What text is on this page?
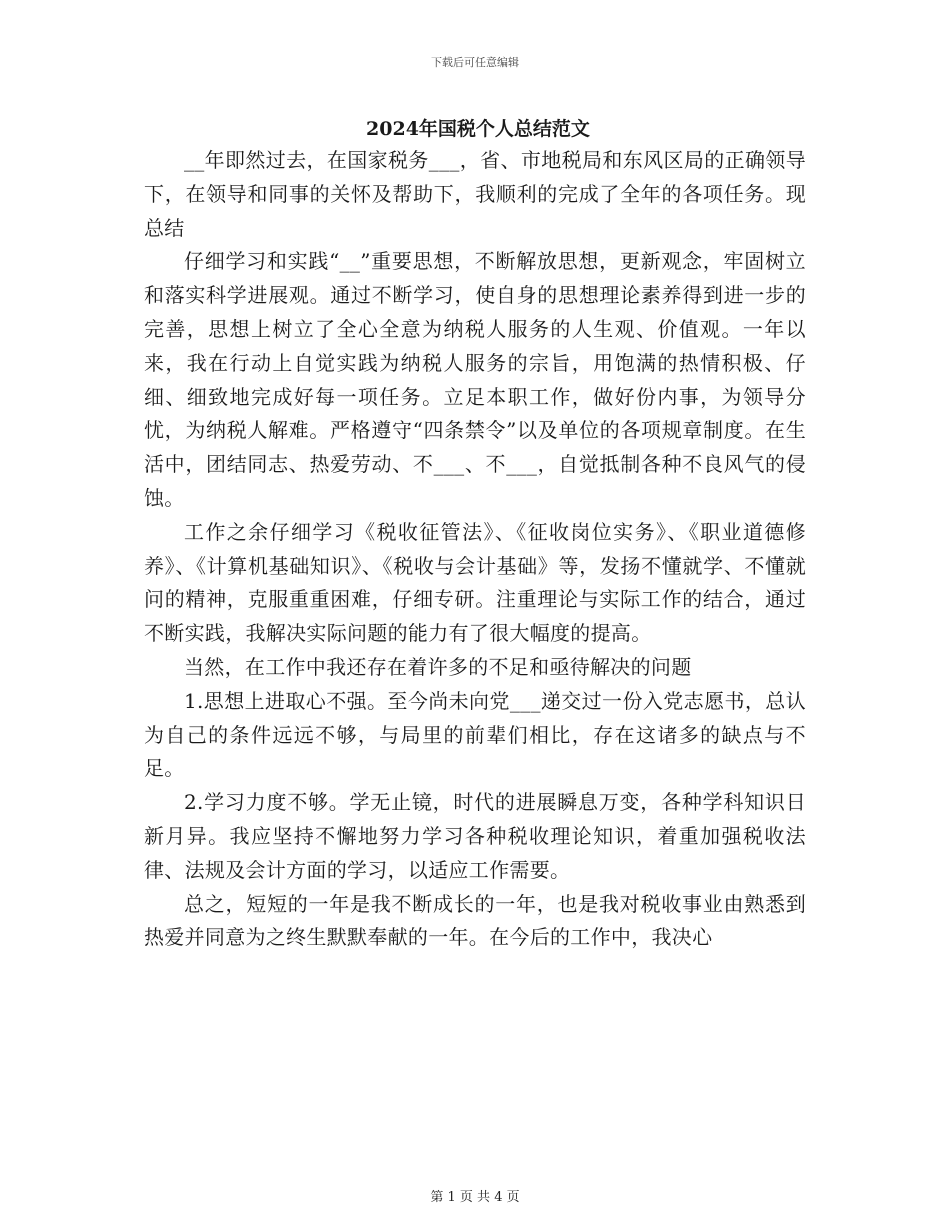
下载后可任意编辑
2024年国税个人总结范文

__年即然过去，在国家税务___，省、市地税局和东风区局的正确领导下，在领导和同事的关怀及帮助下，我顺利的完成了全年的各项任务。现总结

仔细学习和实践“__”重要思想，不断解放思想，更新观念，牢固树立和落实科学进展观。通过不断学习，使自身的思想理论素养得到进一步的完善，思想上树立了全心全意为纳税人服务的人生观、价值观。一年以来，我在行动上自觉实践为纳税人服务的宗旨，用饱满的热情积极、仔细、细致地完成好每一项任务。立足本职工作，做好份内事，为领导分忧，为纳税人解难。严格遵守“四条禁令”以及单位的各项规章制度。在生活中，团结同志、热爱劳动、不___、不___，自觉抵制各种不良风气的侵蚀。

工作之余仔细学习《税收征管法》、《征收岗位实务》、《职业道德修养》、《计算机基础知识》、《税收与会计基础》等，发扬不懂就学、不懂就问的精神，克服重重困难，仔细专研。注重理论与实际工作的结合，通过不断实践，我解决实际问题的能力有了很大幅度的提高。

当然，在工作中我还存在着许多的不足和亟待解决的问题

1.思想上进取心不强。至今尚未向党___递交过一份入党志愿书，总认为自己的条件远远不够，与局里的前辈们相比，存在这诸多的缺点与不足。

2.学习力度不够。学无止镜，时代的进展瞬息万变，各种学科知识日新月异。我应坚持不懈地努力学习各种税收理论知识，着重加强税收法律、法规及会计方面的学习，以适应工作需要。

总之，短短的一年是我不断成长的一年，也是我对税收事业由熟悉到热爱并同意为之终生默默奉献的一年。在今后的工作中，我决心

第 1 页 共 4 页
